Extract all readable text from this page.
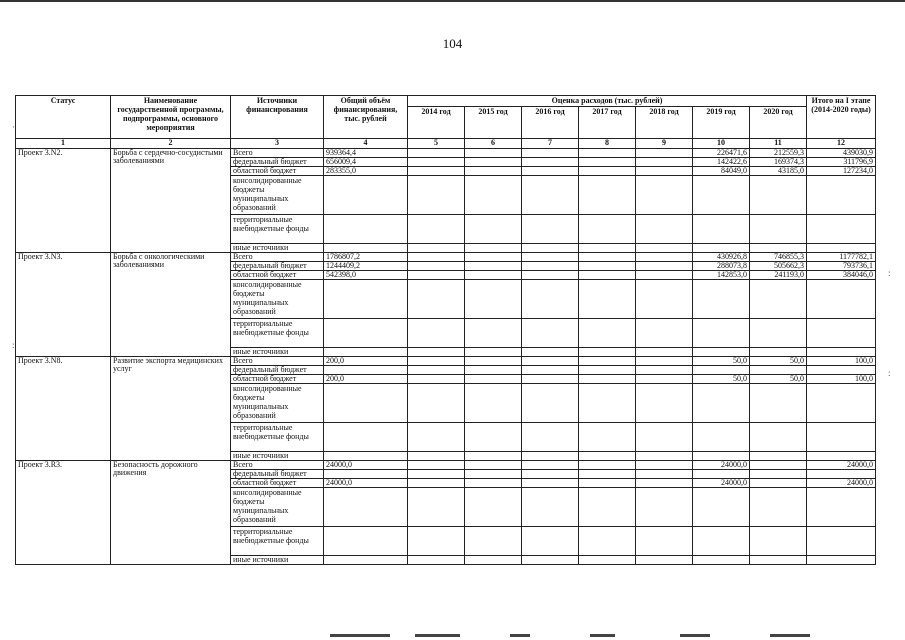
104
Статус	Наименование государственной программы, подпрограммы, основного мероприятия	Источники финансирования	Общий объём финансирования, тыс. рублей	Оценка расходов (тыс. рублей)							Итого на I этапе (2014-2020 годы)
				2014 год	2015 год	2016 год	2017 год	2018 год	2019 год	2020 год	
1	2	3	4	5	6	7	8	9	10	11	12
Проект 3.N2.	Борьба с сердечно-сосудистыми заболеваниями	Всего	939364,4						226471,6	212559,3	439030,9
		федеральный бюджет	656009,4						142422,6	169374,3	311796,9
		областной бюджет	283355,0						84049,0	43185,0	127234,0
		консолидированные бюджеты муниципальных образований									
		территориальные внебюджетные фонды									
		иные источники									
Проект 3.N3.	Борьба с онкологическими заболеваниями	Всего	1786807,2						430926,8	746855,3	1177782,1
		федеральный бюджет	1244409,2						288073,8	505662,3	793736,1
		областной бюджет	542398,0						142853,0	241193,0	384046,0
		консолидированные бюджеты муниципальных образований									
		территориальные внебюджетные фонды									
		иные источники									
Проект 3.N8.	Развитие экспорта медицинских услуг	Всего	200,0						50,0	50,0	100,0
		федеральный бюджет									
		областной бюджет	200,0						50,0	50,0	100,0
		консолидированные бюджеты муниципальных образований									
		территориальные внебюджетные фонды									
		иные источники									
Проект 3.R3.	Безопасность дорожного движения	Всего	24000,0						24000,0		24000,0
		федеральный бюджет									
		областной бюджет	24000,0						24000,0		24000,0
		консолидированные бюджеты муниципальных образований									
		территориальные внебюджетные фонды									
		иные источники									
·
:
:
:
